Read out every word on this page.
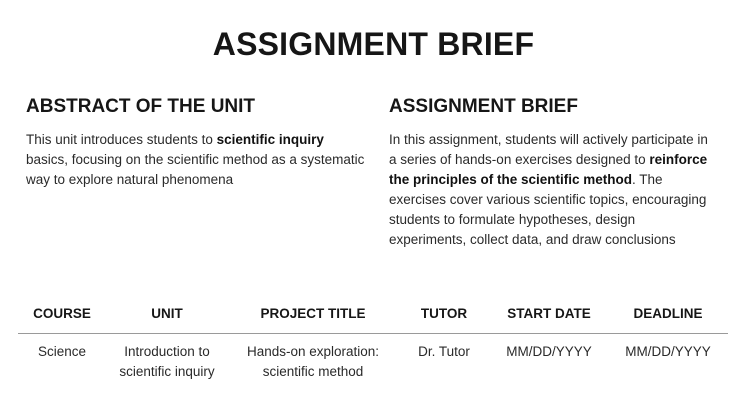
ASSIGNMENT BRIEF
ABSTRACT OF THE UNIT

This unit introduces students to scientific inquiry basics, focusing on the scientific method as a systematic way to explore natural phenomena

ASSIGNMENT BRIEF

In this assignment, students will actively participate in a series of hands-on exercises designed to reinforce the principles of the scientific method. The exercises cover various scientific topics, encouraging students to formulate hypotheses, design experiments, collect data, and draw conclusions

COURSE	UNIT	PROJECT TITLE	TUTOR	START DATE	DEADLINE
Science	Introduction to scientific inquiry	Hands-on exploration: scientific method	Dr. Tutor	MM/DD/YYYY	MM/DD/YYYY
